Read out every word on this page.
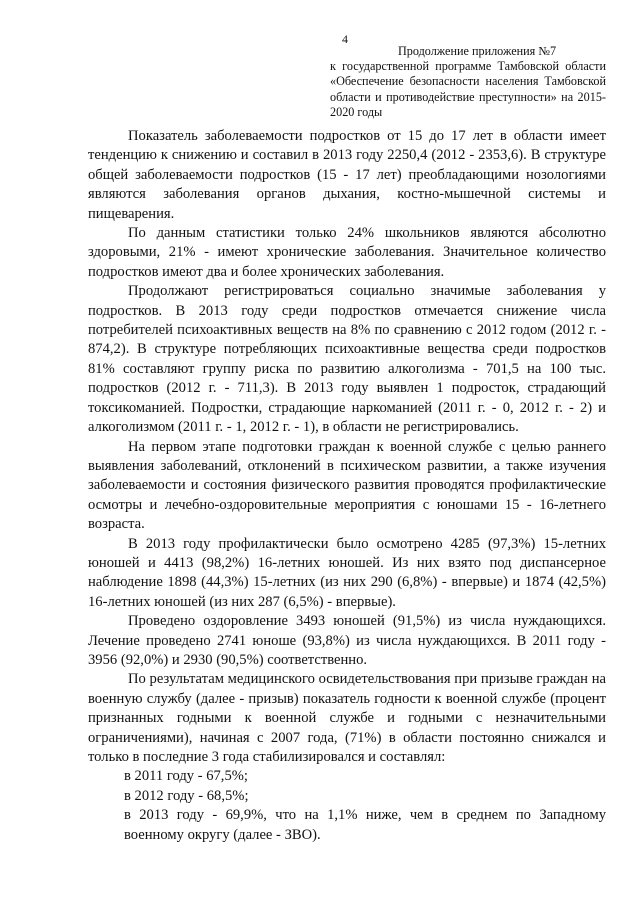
4
Продолжение приложения №7
к государственной программе Тамбовской области «Обеспечение безопасности населения Тамбовской области и противодействие преступности» на 2015-2020 годы

Показатель заболеваемости подростков от 15 до 17 лет в области имеет тенденцию к снижению и составил в 2013 году 2250,4 (2012 - 2353,6). В структуре общей заболеваемости подростков (15 - 17 лет) преобладающими нозологиями являются заболевания органов дыхания, костно-мышечной системы и пищеварения.

По данным статистики только 24% школьников являются абсолютно здоровыми, 21% - имеют хронические заболевания. Значительное количество подростков имеют два и более хронических заболевания.

Продолжают регистрироваться социально значимые заболевания у подростков. В 2013 году среди подростков отмечается снижение числа потребителей психоактивных веществ на 8% по сравнению с 2012 годом (2012 г. - 874,2). В структуре потребляющих психоактивные вещества среди подростков 81% составляют группу риска по развитию алкоголизма - 701,5 на 100 тыс. подростков (2012 г. - 711,3). В 2013 году выявлен 1 подросток, страдающий токсикоманией. Подростки, страдающие наркоманией (2011 г. - 0, 2012 г. - 2) и алкоголизмом (2011 г. - 1, 2012 г. - 1), в области не регистрировались.

На первом этапе подготовки граждан к военной службе с целью раннего выявления заболеваний, отклонений в психическом развитии, а также изучения заболеваемости и состояния физического развития проводятся профилактические осмотры и лечебно-оздоровительные мероприятия с юношами 15 - 16-летнего возраста.

В 2013 году профилактически было осмотрено 4285 (97,3%) 15-летних юношей и 4413 (98,2%) 16-летних юношей. Из них взято под диспансерное наблюдение 1898 (44,3%) 15-летних (из них 290 (6,8%) - впервые) и 1874 (42,5%) 16-летних юношей (из них 287 (6,5%) - впервые).

Проведено оздоровление 3493 юношей (91,5%) из числа нуждающихся. Лечение проведено 2741 юноше (93,8%) из числа нуждающихся. В 2011 году - 3956 (92,0%) и 2930 (90,5%) соответственно.

По результатам медицинского освидетельствования при призыве граждан на военную службу (далее - призыв) показатель годности к военной службе (процент признанных годными к военной службе и годными с незначительными ограничениями), начиная с 2007 года, (71%) в области постоянно снижался и только в последние 3 года стабилизировался и составлял:

в 2011 году - 67,5%;

в 2012 году - 68,5%;

в 2013 году - 69,9%, что на 1,1% ниже, чем в среднем по Западному военному округу (далее - ЗВО).
